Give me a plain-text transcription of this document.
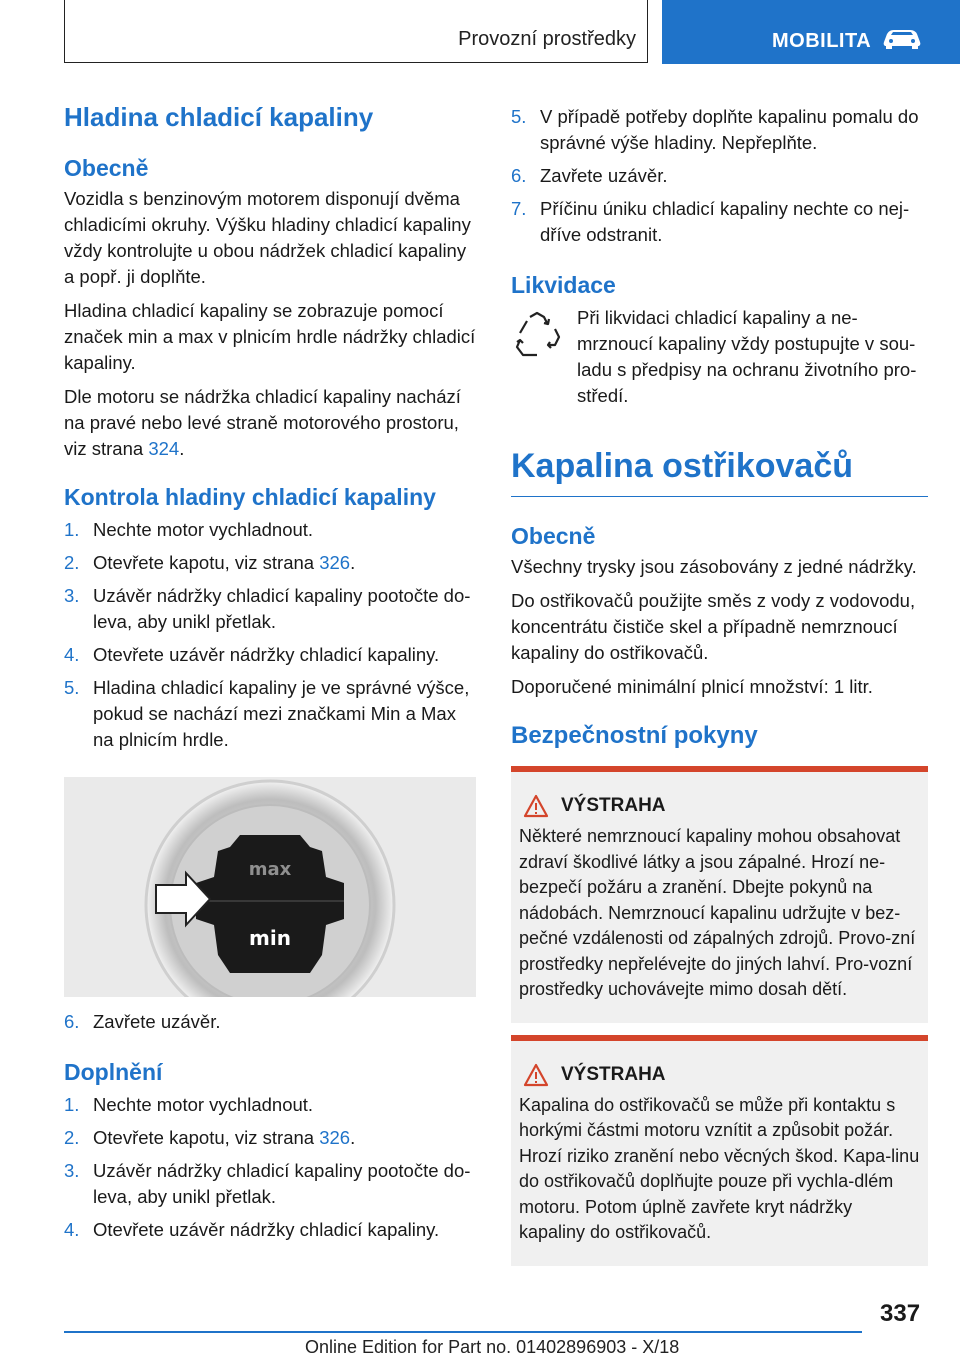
Provozní prostředky	MOBILITA
Hladina chladicí kapaliny
Obecně

Vozidla s benzinovým motorem disponují dvěma chladicími okruhy. Výšku hladiny chladicí kapaliny vždy kontrolujte u obou nádržek chladicí kapaliny a popř. ji doplňte.

Hladina chladicí kapaliny se zobrazuje pomocí značek min a max v plnicím hrdle nádržky chladicí kapaliny.

Dle motoru se nádržka chladicí kapaliny nachází na pravé nebo levé straně motorového prostoru, viz strana 324.

Kontrola hladiny chladicí kapaliny
1. Nechte motor vychladnout.
2. Otevřete kapotu, viz strana 326.
3. Uzávěr nádržky chladicí kapaliny pootočte do-leva, aby unikl přetlak.
4. Otevřete uzávěr nádržky chladicí kapaliny.
5. Hladina chladicí kapaliny je ve správné výšce, pokud se nachází mezi značkami Min a Max na plnicím hrdle.
max
min
6. Zavřete uzávěr.
Doplnění
1. Nechte motor vychladnout.
2. Otevřete kapotu, viz strana 326.
3. Uzávěr nádržky chladicí kapaliny pootočte do-leva, aby unikl přetlak.
4. Otevřete uzávěr nádržky chladicí kapaliny.
5. V případě potřeby doplňte kapalinu pomalu do správné výše hladiny. Nepřeplňte.
6. Zavřete uzávěr.
7. Příčinu úniku chladicí kapaliny nechte co nej-dříve odstranit.
Likvidace

Při likvidaci chladicí kapaliny a ne-mrznoucí kapaliny vždy postupujte v sou-ladu s předpisy na ochranu životního pro-středí.

Kapalina ostřikovačů
Obecně

Všechny trysky jsou zásobovány z jedné nádržky.

Do ostřikovačů použijte směs z vody z vodovodu, koncentrátu čističe skel a případně nemrznoucí kapaliny do ostřikovačů.

Doporučené minimální plnicí množství: 1 litr.

Bezpečnostní pokyny
VÝSTRAHA

Některé nemrznoucí kapaliny mohou obsahovat zdraví škodlivé látky a jsou zápalné. Hrozí ne-bezpečí požáru a zranění. Dbejte pokynů na nádobách. Nemrznoucí kapalinu udržujte v bez-pečné vzdálenosti od zápalných zdrojů. Provo-zní prostředky nepřelévejte do jiných lahví. Pro-vozní prostředky uchovávejte mimo dosah dětí.

VÝSTRAHA

Kapalina do ostřikovačů se může při kontaktu s horkými částmi motoru vznítit a způsobit požár. Hrozí riziko zranění nebo věcných škod. Kapa-linu do ostřikovačů doplňujte pouze při vychla-dlém motoru. Potom úplně zavřete kryt nádržky kapaliny do ostřikovačů.

337
Online Edition for Part no. 01402896903 - X/18
